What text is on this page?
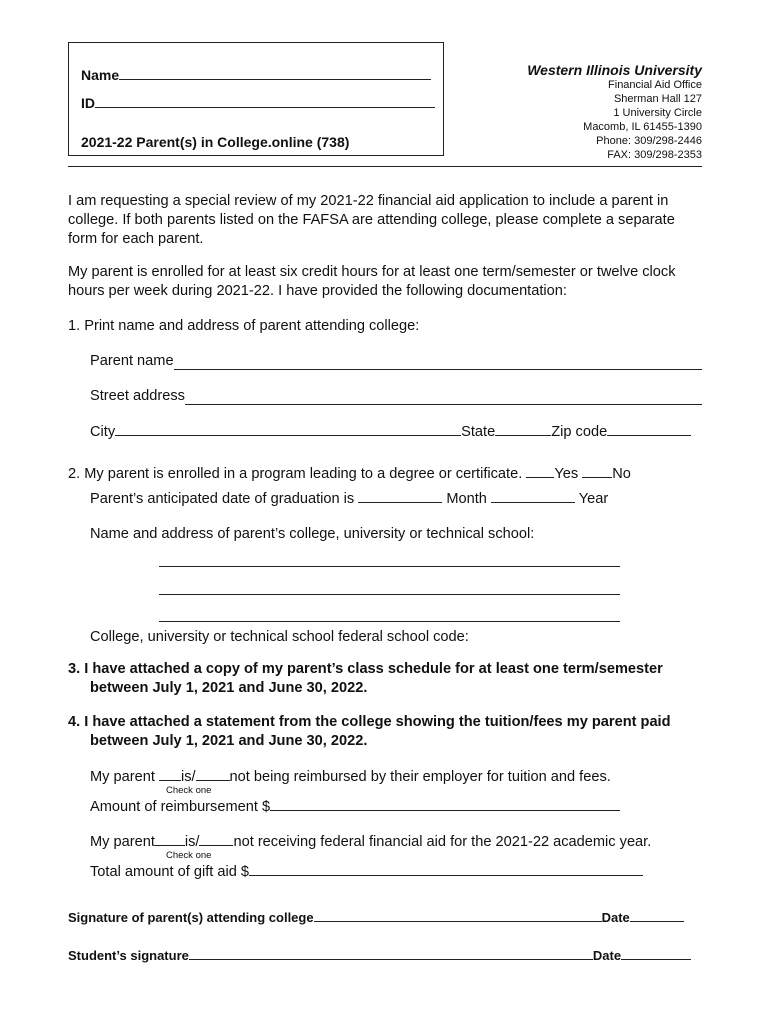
Name
ID
2021-22 Parent(s) in College.online (738)
Western Illinois University
Financial Aid Office
Sherman Hall 127
1 University Circle
Macomb, IL 61455-1390
Phone: 309/298-2446
FAX: 309/298-2353
I am requesting a special review of my 2021-22 financial aid application to include a parent in college. If both parents listed on the FAFSA are attending college, please complete a separate form for each parent.
My parent is enrolled for at least six credit hours for at least one term/semester or twelve clock hours per week during 2021-22. I have provided the following documentation:
1. Print name and address of parent attending college:
Parent name
Street address
City	State	Zip code
2. My parent is enrolled in a program leading to a degree or certificate. Yes No
Parent’s anticipated date of graduation is	Month	Year
Name and address of parent’s college, university or technical school:
College, university or technical school federal school code:
3. I have attached a copy of my parent’s class schedule for at least one term/semester
between July 1, 2021 and June 30, 2022.
4. I have attached a statement from the college showing the tuition/fees my parent paid
between July 1, 2021 and June 30, 2022.
My parent is/ not being reimbursed by their employer for tuition and fees.
Check one
Amount of reimbursement $
My parent is/ not receiving federal financial aid for the 2021-22 academic year.
Check one
Total amount of gift aid $
Signature of parent(s) attending college	Date
Student’s signature	Date
